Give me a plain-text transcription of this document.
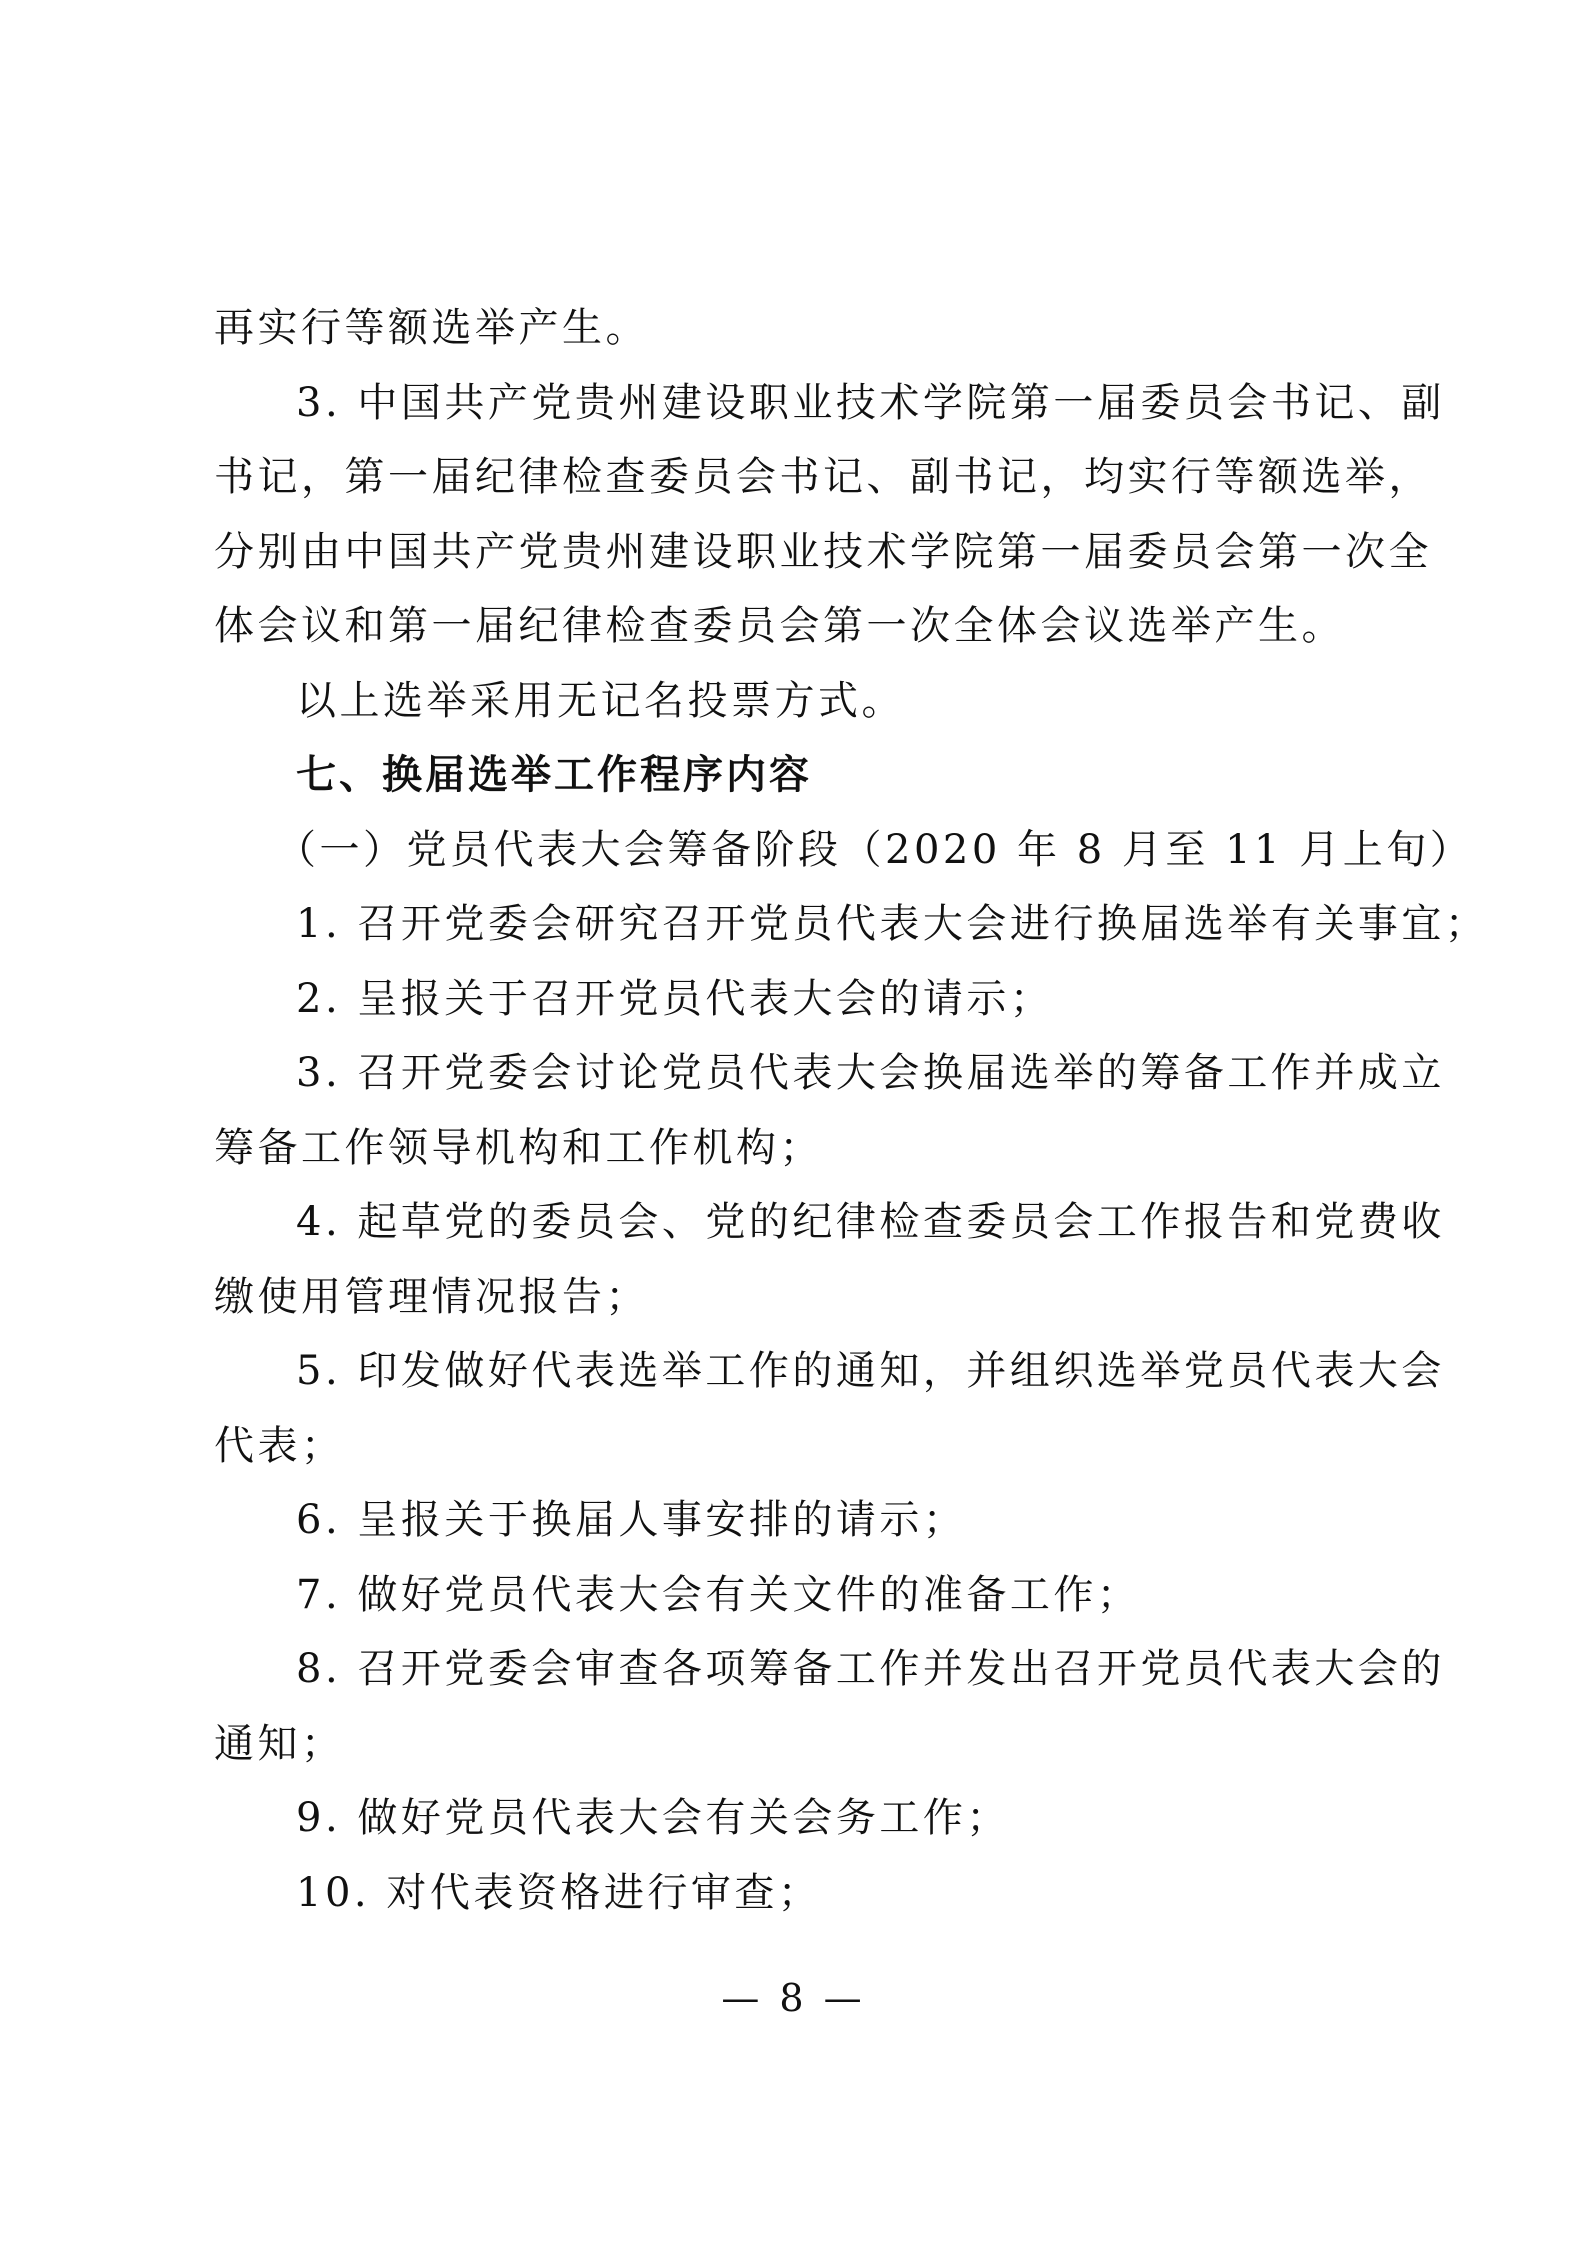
再实行等额选举产生。
3. 中国共产党贵州建设职业技术学院第一届委员会书记、副
书记，第一届纪律检查委员会书记、副书记，均实行等额选举，
分别由中国共产党贵州建设职业技术学院第一届委员会第一次全
体会议和第一届纪律检查委员会第一次全体会议选举产生。
以上选举采用无记名投票方式。
七、换届选举工作程序内容
（一）党员代表大会筹备阶段（2020 年 8 月至 11 月上旬）
1. 召开党委会研究召开党员代表大会进行换届选举有关事宜；
2. 呈报关于召开党员代表大会的请示；
3. 召开党委会讨论党员代表大会换届选举的筹备工作并成立
筹备工作领导机构和工作机构；
4. 起草党的委员会、党的纪律检查委员会工作报告和党费收
缴使用管理情况报告；
5. 印发做好代表选举工作的通知，并组织选举党员代表大会
代表；
6. 呈报关于换届人事安排的请示；
7. 做好党员代表大会有关文件的准备工作；
8. 召开党委会审查各项筹备工作并发出召开党员代表大会的
通知；
9. 做好党员代表大会有关会务工作；
10. 对代表资格进行审查；
— 8 —
